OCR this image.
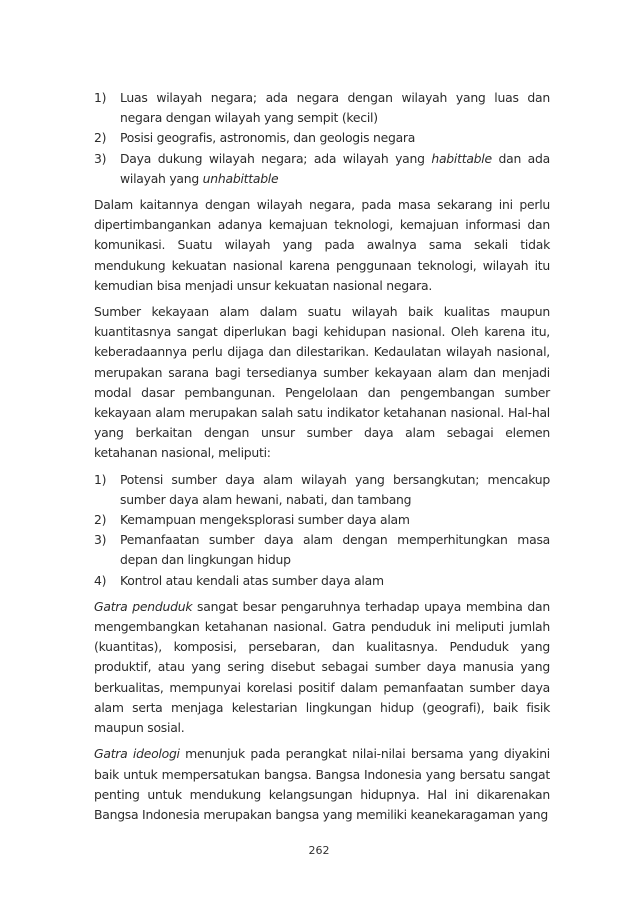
1) Luas wilayah negara; ada negara dengan wilayah yang luas dan negara dengan wilayah yang sempit (kecil)
2) Posisi geografis, astronomis, dan geologis negara
3) Daya dukung wilayah negara; ada wilayah yang habittable dan ada wilayah yang unhabittable

Dalam kaitannya dengan wilayah negara, pada masa sekarang ini perlu dipertimbangankan adanya kemajuan teknologi, kemajuan informasi dan komunikasi. Suatu wilayah yang pada awalnya sama sekali tidak mendukung kekuatan nasional karena penggunaan teknologi, wilayah itu kemudian bisa menjadi unsur kekuatan nasional negara.

Sumber kekayaan alam dalam suatu wilayah baik kualitas maupun kuantitasnya sangat diperlukan bagi kehidupan nasional. Oleh karena itu, keberadaannya perlu dijaga dan dilestarikan. Kedaulatan wilayah nasional, merupakan sarana bagi tersedianya sumber kekayaan alam dan menjadi modal dasar pembangunan. Pengelolaan dan pengembangan sumber kekayaan alam merupakan salah satu indikator ketahanan nasional. Hal-hal yang berkaitan dengan unsur sumber daya alam sebagai elemen ketahanan nasional, meliputi:

1) Potensi sumber daya alam wilayah yang bersangkutan; mencakup sumber daya alam hewani, nabati, dan tambang
2) Kemampuan mengeksplorasi sumber daya alam
3) Pemanfaatan sumber daya alam dengan memperhitungkan masa depan dan lingkungan hidup
4) Kontrol atau kendali atas sumber daya alam

Gatra penduduk sangat besar pengaruhnya terhadap upaya membina dan mengembangkan ketahanan nasional. Gatra penduduk ini meliputi jumlah (kuantitas), komposisi, persebaran, dan kualitasnya. Penduduk yang produktif, atau yang sering disebut sebagai sumber daya manusia yang berkualitas, mempunyai korelasi positif dalam pemanfaatan sumber daya alam serta menjaga kelestarian lingkungan hidup (geografi), baik fisik maupun sosial.

Gatra ideologi menunjuk pada perangkat nilai-nilai bersama yang diyakini baik untuk mempersatukan bangsa. Bangsa Indonesia yang bersatu sangat penting untuk mendukung kelangsungan hidupnya. Hal ini dikarenakan Bangsa Indonesia merupakan bangsa yang memiliki keanekaragaman yang

262
